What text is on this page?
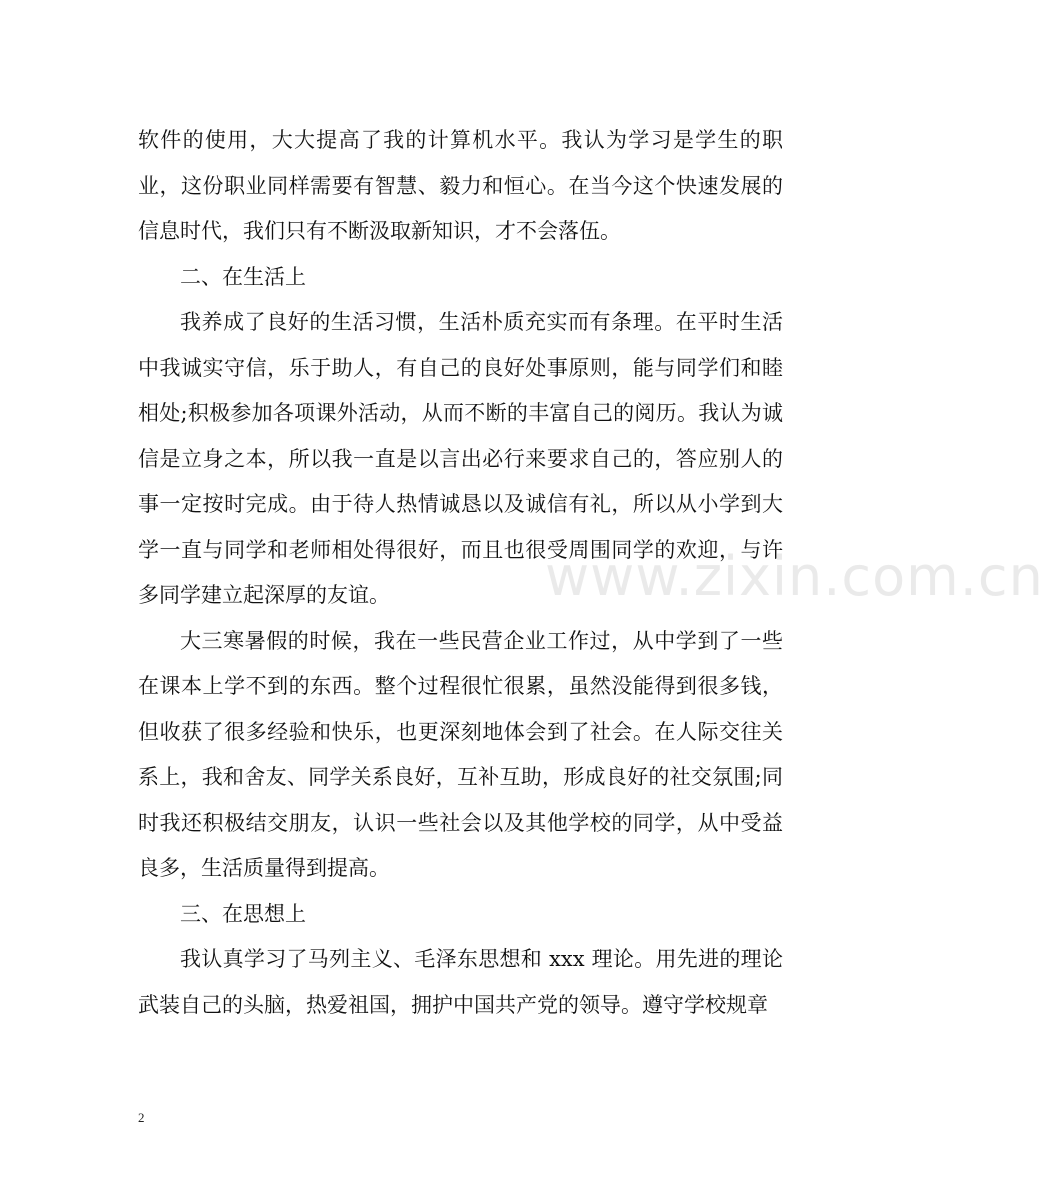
软件的使用，大大提高了我的计算机水平。我认为学习是学生的职业，这份职业同样需要有智慧、毅力和恒心。在当今这个快速发展的信息时代，我们只有不断汲取新知识，才不会落伍。

二、在生活上

我养成了良好的生活习惯，生活朴质充实而有条理。在平时生活中我诚实守信，乐于助人，有自己的良好处事原则，能与同学们和睦相处;积极参加各项课外活动，从而不断的丰富自己的阅历。我认为诚信是立身之本，所以我一直是以言出必行来要求自己的，答应别人的事一定按时完成。由于待人热情诚恳以及诚信有礼，所以从小学到大学一直与同学和老师相处得很好，而且也很受周围同学的欢迎，与许多同学建立起深厚的友谊。

大三寒暑假的时候，我在一些民营企业工作过，从中学到了一些在课本上学不到的东西。整个过程很忙很累，虽然没能得到很多钱，但收获了很多经验和快乐，也更深刻地体会到了社会。在人际交往关系上，我和舍友、同学关系良好，互补互助，形成良好的社交氛围;同时我还积极结交朋友，认识一些社会以及其他学校的同学，从中受益良多，生活质量得到提高。

三、在思想上

我认真学习了马列主义、毛泽东思想和 xxx 理论。用先进的理论武装自己的头脑，热爱祖国，拥护中国共产党的领导。遵守学校规章

www.zixin.com.cn
2
